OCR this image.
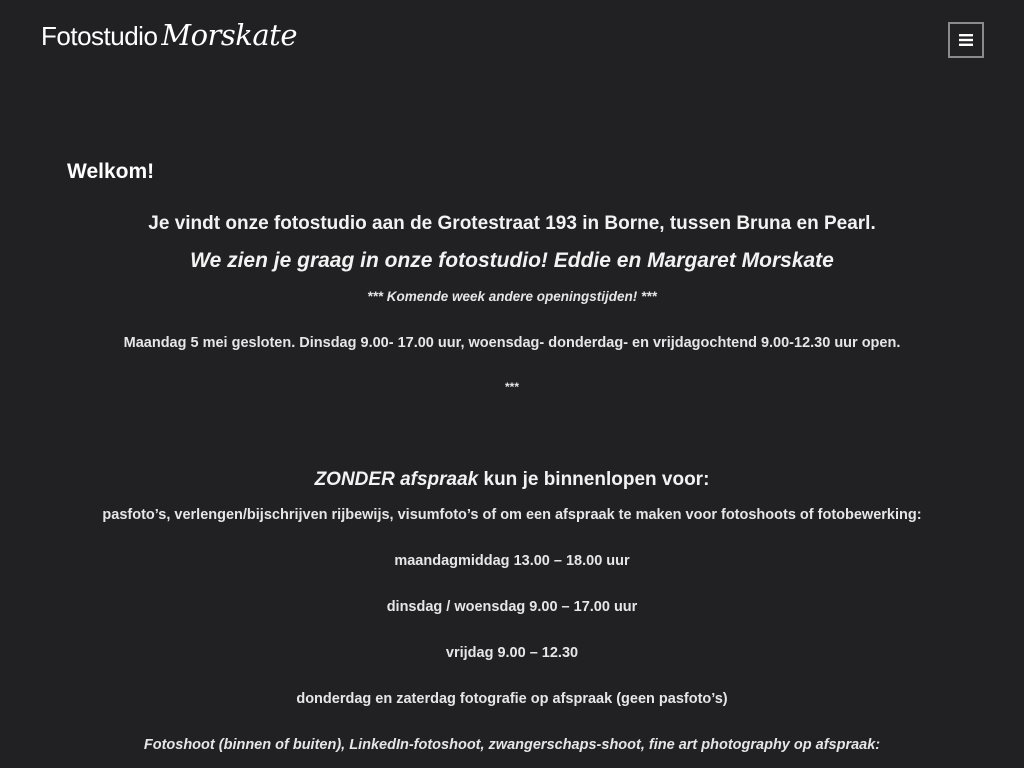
Fotostudio Morskate
Welkom!
Je vindt onze fotostudio aan de Grotestraat 193 in Borne, tussen Bruna en Pearl.
We zien je graag in onze fotostudio! Eddie en Margaret Morskate
*** Komende week andere openingstijden! ***
Maandag 5 mei gesloten. Dinsdag 9.00- 17.00 uur, woensdag- donderdag- en vrijdagochtend 9.00-12.30 uur open.
***
ZONDER afspraak kun je binnenlopen voor:
pasfoto’s, verlengen/bijschrijven rijbewijs, visumfoto’s of om een afspraak te maken voor fotoshoots of fotobewerking:
maandagmiddag 13.00 – 18.00 uur
dinsdag / woensdag 9.00 – 17.00 uur
vrijdag 9.00 – 12.30
donderdag en zaterdag fotografie op afspraak (geen pasfoto’s)
Fotoshoot (binnen of buiten), LinkedIn-fotoshoot, zwangerschaps-shoot, fine art photography op afspraak:
